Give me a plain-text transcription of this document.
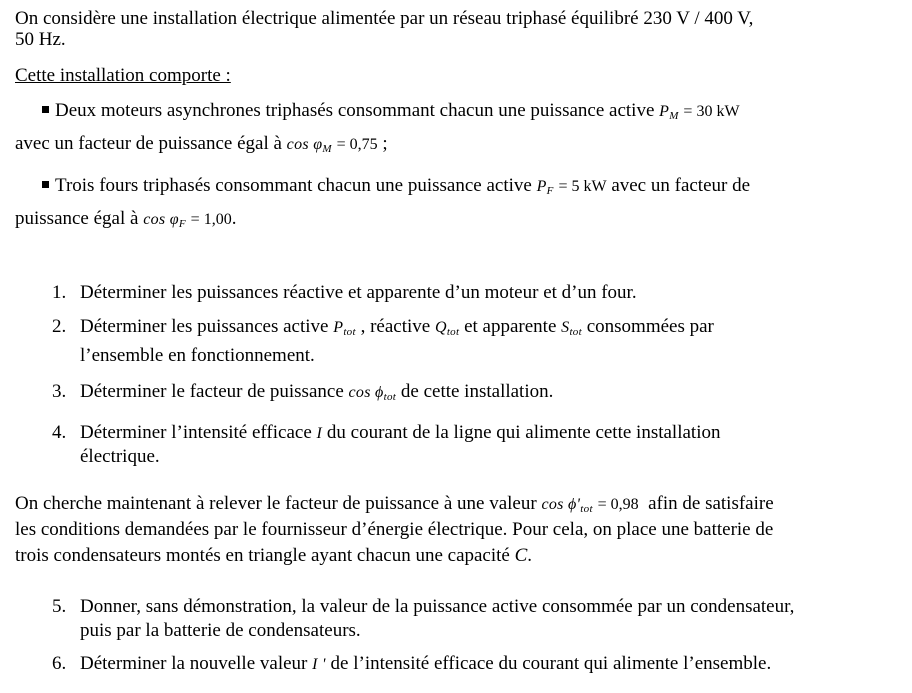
On considère une installation électrique alimentée par un réseau triphasé équilibré 230 V / 400 V,
50 Hz.
Cette installation comporte :
Deux moteurs asynchrones triphasés consommant chacun une puissance active $P_M = 30$ kW
avec un facteur de puissance égal à $\cos \varphi_M = 0,75$ ;
Trois fours triphasés consommant chacun une puissance active $P_F = 5$ kW avec un facteur de
puissance égal à $\cos \varphi_F = 1,00$.
1. Déterminer les puissances réactive et apparente d’un moteur et d’un four.
2. Déterminer les puissances active $P_{tot}$ , réactive $Q_{tot}$ et apparente $S_{tot}$ consommées par
l’ensemble en fonctionnement.
3. Déterminer le facteur de puissance $\cos \phi_{tot}$ de cette installation.
4. Déterminer l’intensité efficace I du courant de la ligne qui alimente cette installation
électrique.
On cherche maintenant à relever le facteur de puissance à une valeur $\cos \phi'_{tot} = 0,98$  afin de satisfaire
les conditions demandées par le fournisseur d’énergie électrique. Pour cela, on place une batterie de
trois condensateurs montés en triangle ayant chacun une capacité C.
5. Donner, sans démonstration, la valeur de la puissance active consommée par un condensateur,
puis par la batterie de condensateurs.
6. Déterminer la nouvelle valeur I ' de l’intensité efficace du courant qui alimente l’ensemble.
